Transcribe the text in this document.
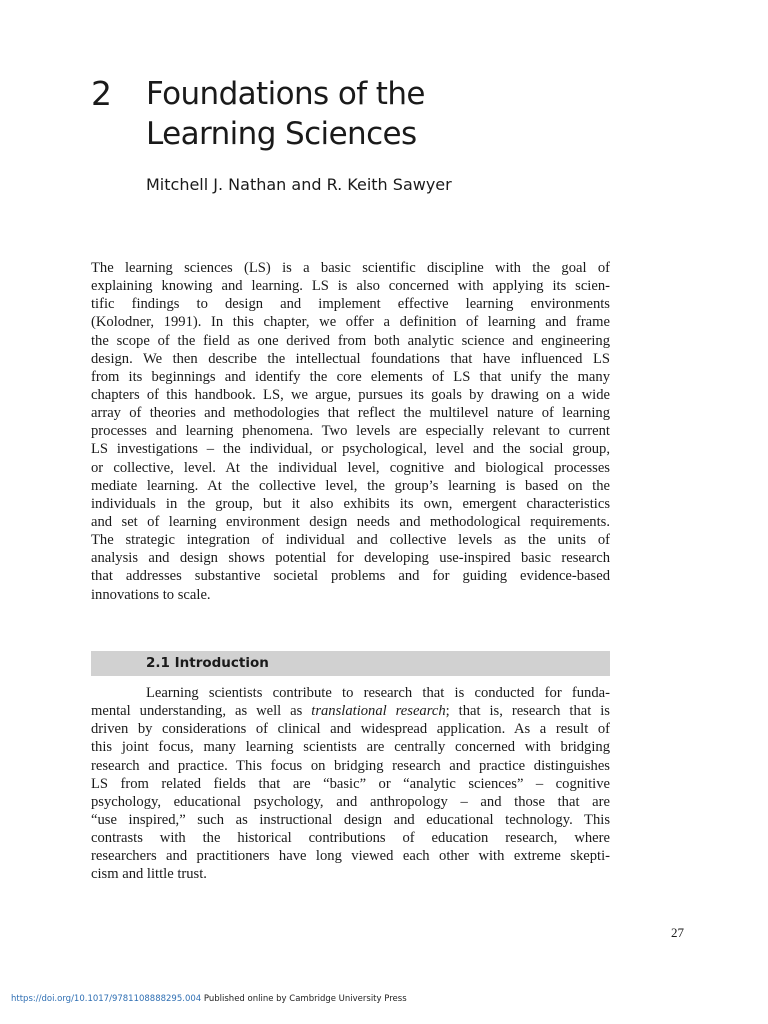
2 Foundations of the
Learning Sciences
Mitchell J. Nathan and R. Keith Sawyer
The learning sciences (LS) is a basic scientific discipline with the goal of
explaining knowing and learning. LS is also concerned with applying its scien-
tific findings to design and implement effective learning environments
(Kolodner, 1991). In this chapter, we offer a definition of learning and frame
the scope of the field as one derived from both analytic science and engineering
design. We then describe the intellectual foundations that have influenced LS
from its beginnings and identify the core elements of LS that unify the many
chapters of this handbook. LS, we argue, pursues its goals by drawing on a wide
array of theories and methodologies that reflect the multilevel nature of learning
processes and learning phenomena. Two levels are especially relevant to current
LS investigations – the individual, or psychological, level and the social group,
or collective, level. At the individual level, cognitive and biological processes
mediate learning. At the collective level, the group’s learning is based on the
individuals in the group, but it also exhibits its own, emergent characteristics
and set of learning environment design needs and methodological requirements.
The strategic integration of individual and collective levels as the units of
analysis and design shows potential for developing use-inspired basic research
that addresses substantive societal problems and for guiding evidence-based
innovations to scale.
2.1 Introduction
Learning scientists contribute to research that is conducted for funda-
mental understanding, as well as translational research; that is, research that is
driven by considerations of clinical and widespread application. As a result of
this joint focus, many learning scientists are centrally concerned with bridging
research and practice. This focus on bridging research and practice distinguishes
LS from related fields that are “basic” or “analytic sciences” – cognitive
psychology, educational psychology, and anthropology – and those that are
“use inspired,” such as instructional design and educational technology. This
contrasts with the historical contributions of education research, where
researchers and practitioners have long viewed each other with extreme skepti-
cism and little trust.
27
https://doi.org/10.1017/9781108888295.004 Published online by Cambridge University Press
